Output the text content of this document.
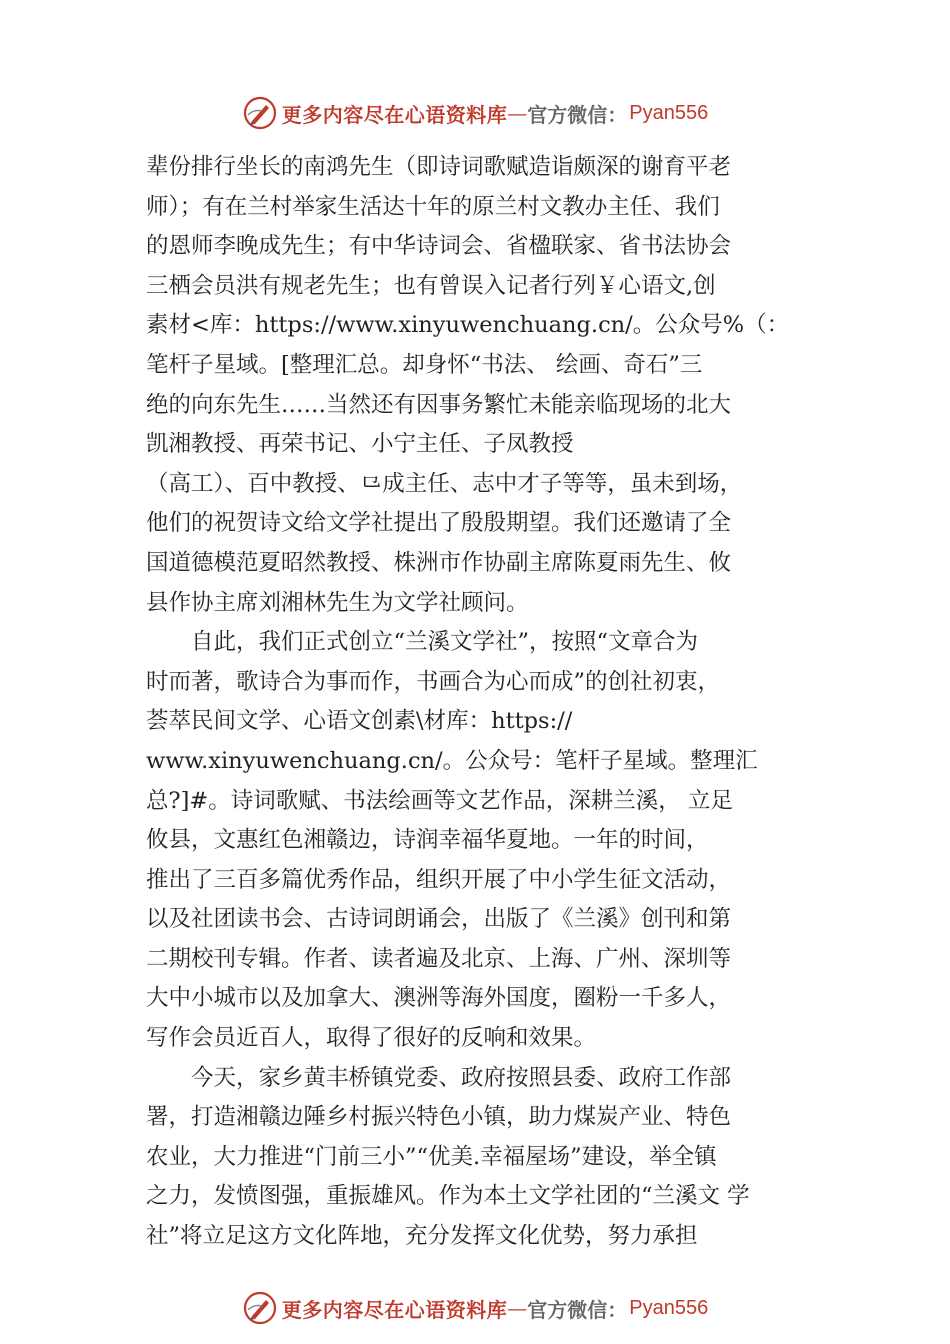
更多内容尽在心语资料库 — 官方微信： Pyan556
辈份排行坐长的南鸿先生（即诗词歌赋造诣颇深的谢育平老
师）；有在兰村举家生活达十年的原兰村文教办主任、我们
的恩师李晚成先生；有中华诗词会、省楹联家、省书法协会
三栖会员洪有规老先生；也有曾误入记者行列￥心语文,创
素材<库：https://www.xinyuwenchuang.cn/。公众号%（：
笔杆子星域。[整理汇总。却身怀“书法、 绘画、奇石”三
绝的向东先生……当然还有因事务繁忙未能亲临现场的北大
凯湘教授、再荣书记、小宁主任、子凤教授
（高工）、百中教授、⺋成主任、志中才子等等，虽未到场，
他们的祝贺诗文给文学社提出了殷殷期望。我们还邀请了全
国道德模范夏昭然教授、株洲市作协副主席陈夏雨先生、攸
县作协主席刘湘林先生为文学社顾问。
　　自此，我们正式创立“兰溪文学社”，按照“文章合为
时而著，歌诗合为事而作，书画合为心而成”的创社初衷，
荟萃民间文学、心语文创素\材库：https://
www.xinyuwenchuang.cn/。公众号：笔杆子星域。整理汇
总?]#。诗词歌赋、书法绘画等文艺作品，深耕兰溪， 立足
攸县，文惠红色湘赣边，诗润幸福华夏地。一年的时间，
推出了三百多篇优秀作品，组织开展了中小学生征文活动，
以及社团读书会、古诗词朗诵会，出版了《兰溪》创刊和第
二期校刊专辑。作者、读者遍及北京、上海、广州、深圳等
大中小城市以及加拿大、澳洲等海外国度，圈粉一千多人，
写作会员近百人，取得了很好的反响和效果。
　　今天，家乡黄丰桥镇党委、政府按照县委、政府工作部
署，打造湘赣边陲乡村振兴特色小镇，助力煤炭产业、特色
农业，大力推进“门前三小”“优美.幸福屋场”建设，举全镇
之力，发愤图强，重振雄风。作为本土文学社团的“兰溪文 学
社”将立足这方文化阵地，充分发挥文化优势，努力承担
更多内容尽在心语资料库 — 官方微信： Pyan556
